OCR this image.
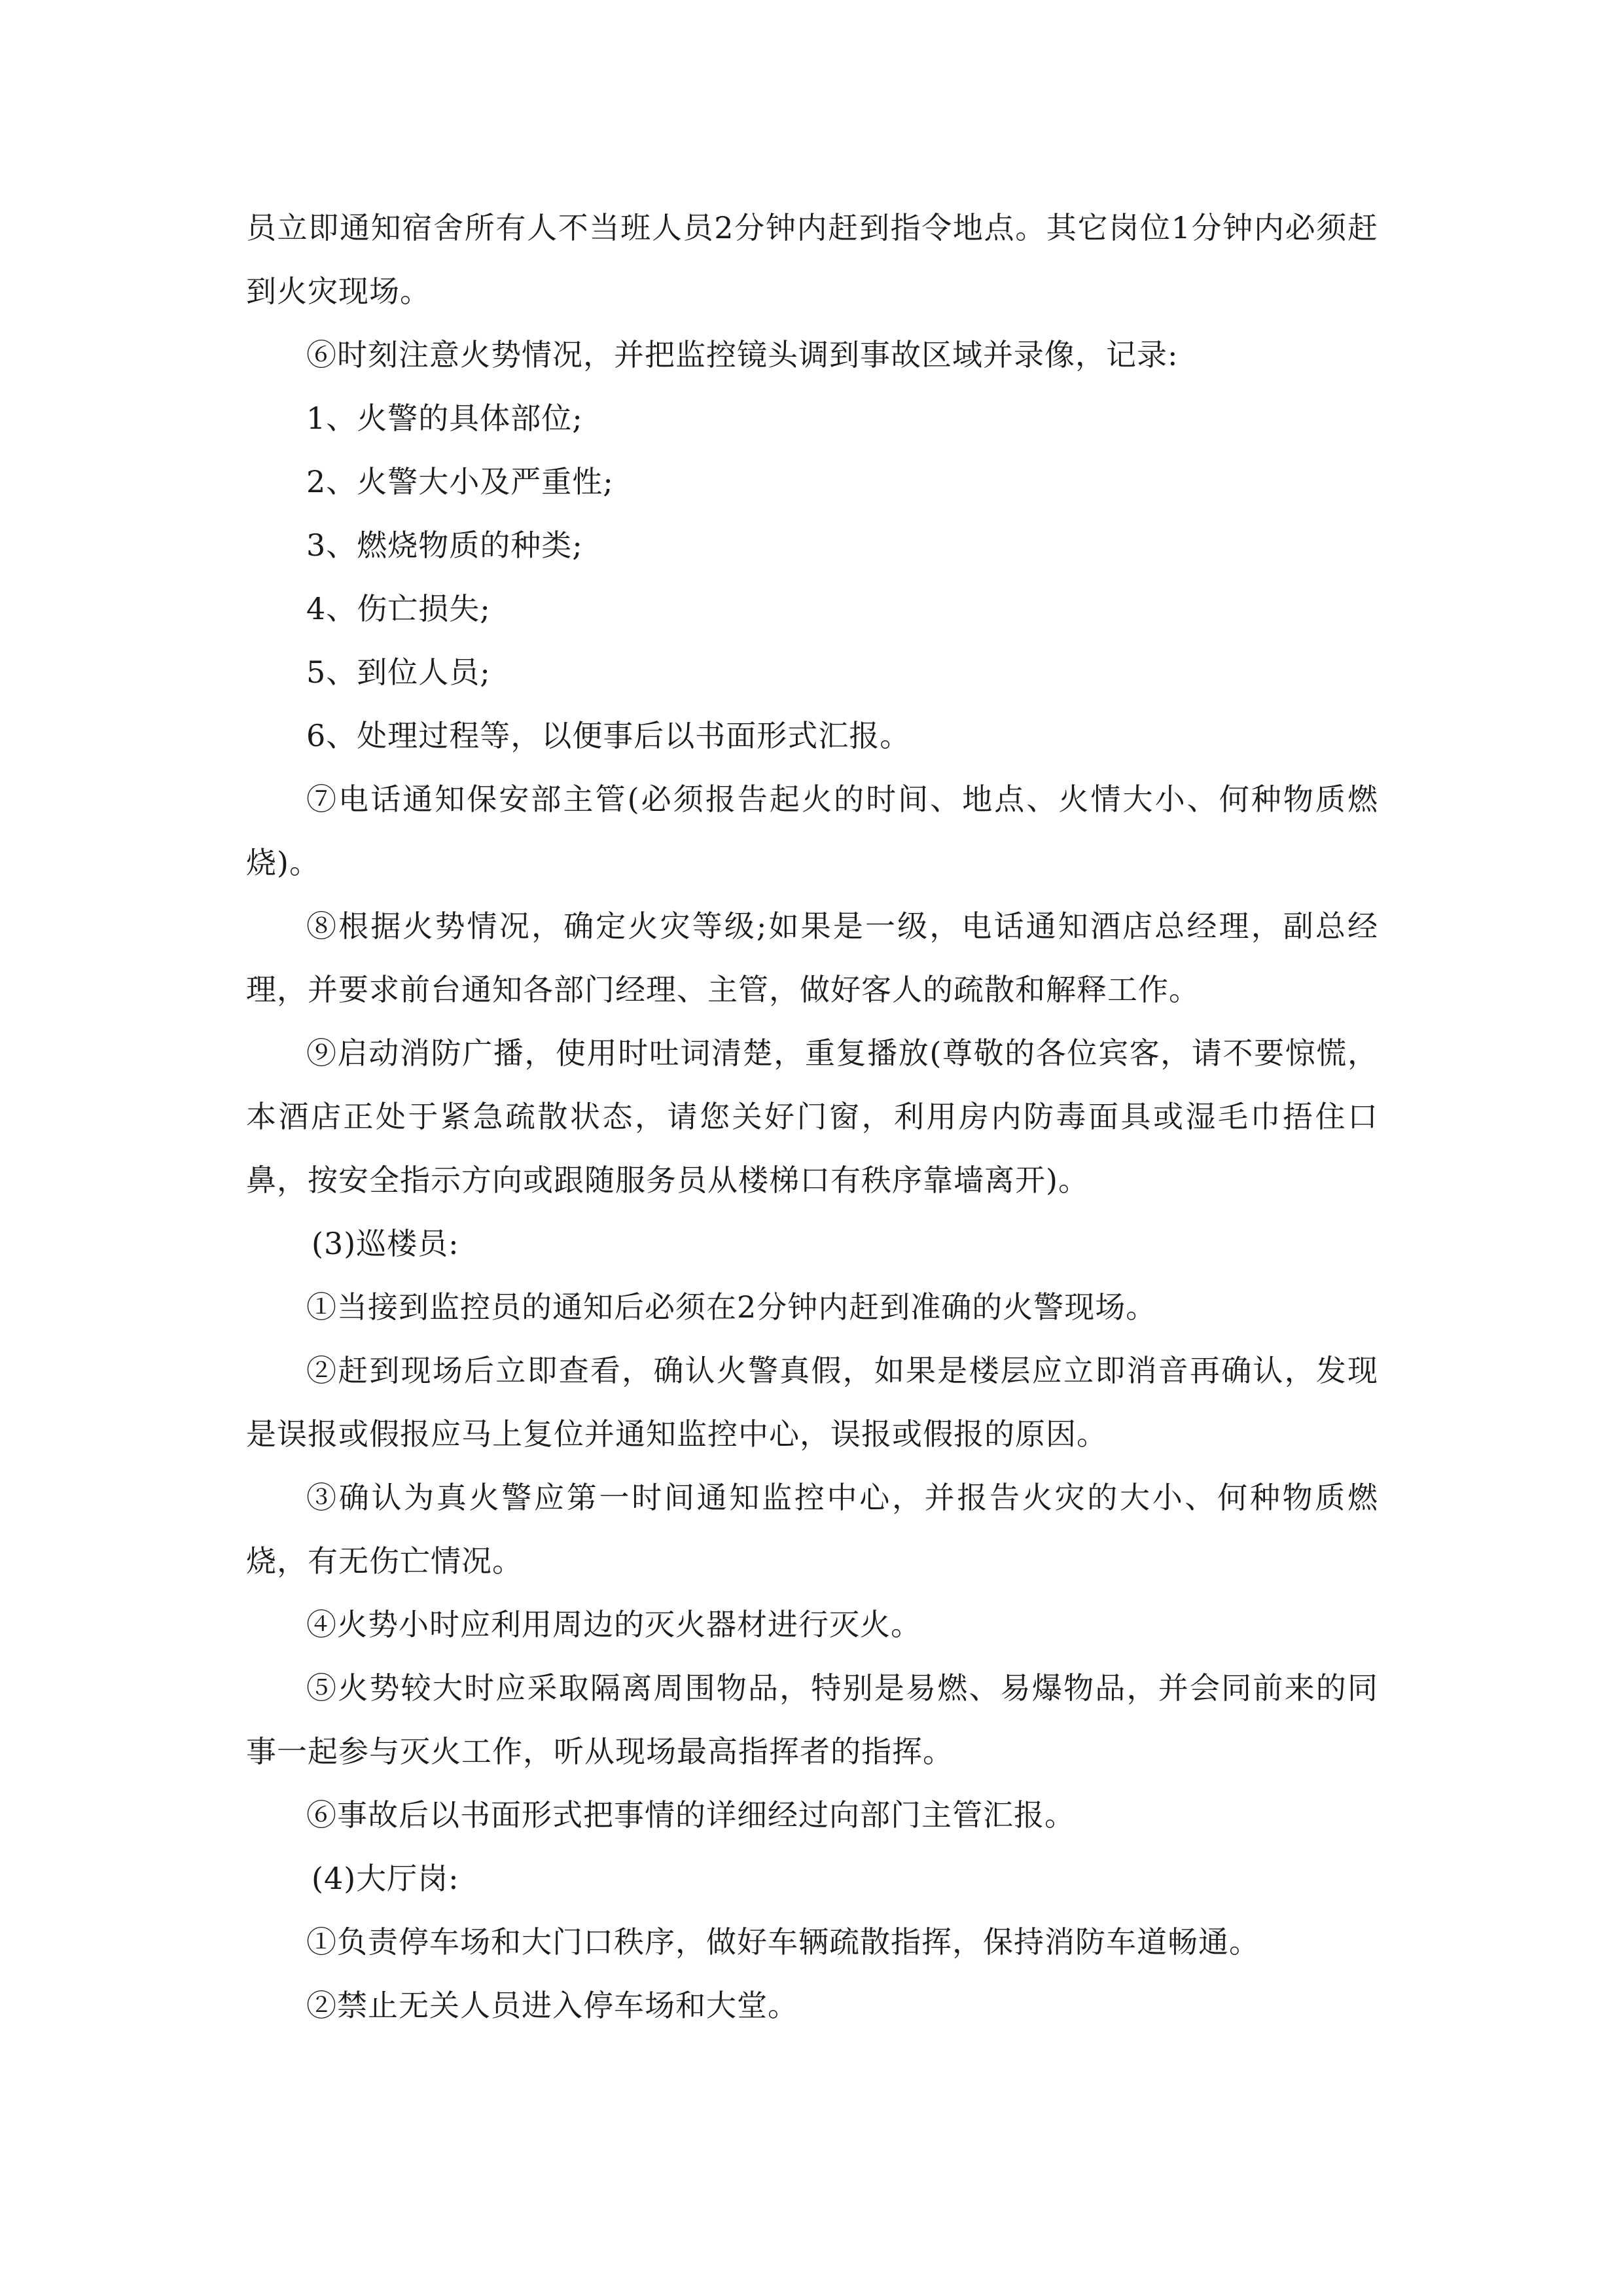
员立即通知宿舍所有人不当班人员2分钟内赶到指令地点。其它岗位1分钟内必须赶到火灾现场。

⑥时刻注意火势情况，并把监控镜头调到事故区域并录像，记录:

1、火警的具体部位;

2、火警大小及严重性;

3、燃烧物质的种类;

4、伤亡损失;

5、到位人员;

6、处理过程等，以便事后以书面形式汇报。

⑦电话通知保安部主管(必须报告起火的时间、地点、火情大小、何种物质燃烧)。

⑧根据火势情况，确定火灾等级;如果是一级，电话通知酒店总经理，副总经理，并要求前台通知各部门经理、主管，做好客人的疏散和解释工作。

⑨启动消防广播，使用时吐词清楚，重复播放(尊敬的各位宾客，请不要惊慌，本酒店正处于紧急疏散状态，请您关好门窗，利用房内防毒面具或湿毛巾捂住口鼻，按安全指示方向或跟随服务员从楼梯口有秩序靠墙离开)。

(3)巡楼员:

①当接到监控员的通知后必须在2分钟内赶到准确的火警现场。

②赶到现场后立即查看，确认火警真假，如果是楼层应立即消音再确认，发现是误报或假报应马上复位并通知监控中心，误报或假报的原因。

③确认为真火警应第一时间通知监控中心，并报告火灾的大小、何种物质燃烧，有无伤亡情况。

④火势小时应利用周边的灭火器材进行灭火。

⑤火势较大时应采取隔离周围物品，特别是易燃、易爆物品，并会同前来的同事一起参与灭火工作，听从现场最高指挥者的指挥。

⑥事故后以书面形式把事情的详细经过向部门主管汇报。

(4)大厅岗:

①负责停车场和大门口秩序，做好车辆疏散指挥，保持消防车道畅通。

②禁止无关人员进入停车场和大堂。
